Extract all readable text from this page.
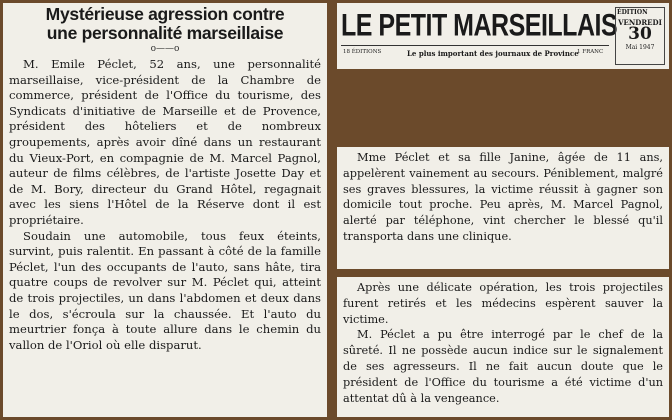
Mystérieuse agression contre

une personnalité marseillaise

o——o

M. Emile Péclet, 52 ans, une personnalité marseillaise, vice-président de la Chambre de commerce, président de l'Office du tourisme, des Syndicats d'initiative de Marseille et de Provence, président des hôteliers et de nombreux groupements, après avoir dîné dans un restaurant du Vieux-Port, en compagnie de M. Marcel Pagnol, auteur de films célèbres, de l'artiste Josette Day et de M. Bory, directeur du Grand Hôtel, regagnait avec les siens l'Hôtel de la Réserve dont il est propriétaire.

Soudain une automobile, tous feux éteints, survint, puis ralentit. En passant à côté de la famille Péclet, l'un des occupants de l'auto, sans hâte, tira quatre coups de revolver sur M. Péclet qui, atteint de trois projectiles, un dans l'abdomen et deux dans le dos, s'écroula sur la chaussée. Et l'auto du meurtrier fonça à toute allure dans le chemin du vallon de l'Oriol où elle disparut.

LE PETIT MARSEILLAIS
18 ÉDITIONS	Le plus important des journaux de Province
1 FRANC
ÉDITION
VENDREDI
30
Mai 1947

Mme Péclet et sa fille Janine, âgée de 11 ans, appelèrent vainement au secours. Péniblement, malgré ses graves blessures, la victime réussit à gagner son domicile tout proche. Peu après, M. Marcel Pagnol, alerté par téléphone, vint chercher le blessé qu'il transporta dans une clinique.

Après une délicate opération, les trois projectiles furent retirés et les médecins espèrent sauver la victime.

M. Péclet a pu être interrogé par le chef de la sûreté. Il ne possède aucun indice sur le signalement de ses agresseurs. Il ne fait aucun doute que le président de l'Office du tourisme a été victime d'un attentat dû à la vengeance.
